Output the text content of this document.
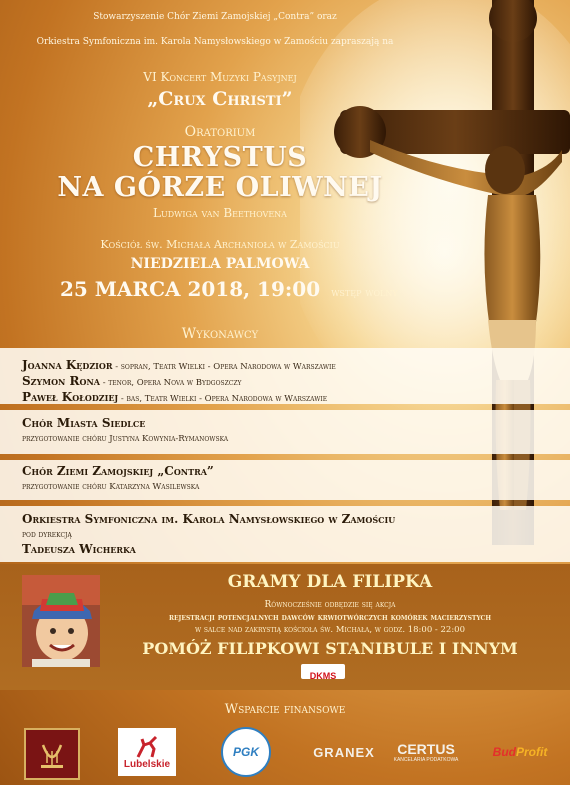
Stowarzyszenie Chór Ziemi Zamojskiej „Contra” oraz
Orkiestra Symfoniczna im. Karola Namysłowskiego w Zamościu zapraszają na
VI Koncert Muzyki Pasyjnej
„Crux Christi”
Oratorium
CHRYSTUS
NA GÓRZE OLIWNEJ
Ludwiga van Beethovena
Kościół św. Michała Archanioła w Zamościu
NIEDZIELA PALMOWA
25 MARCA 2018, 19:00 wstęp wolny
Wykonawcy
Joanna Kędzior - sopran, Teatr Wielki - Opera Narodowa w Warszawie
Szymon Rona - tenor, Opera Nova w Bydgoszczy
Paweł Kołodziej - bas, Teatr Wielki - Opera Narodowa w Warszawie
Chór Miasta Siedlce
przygotowanie chóru Justyna Kowynia-Rymanowska
Chór Ziemi Zamojskiej „Contra”
przygotowanie chóru Katarzyna Wasilewska
Orkiestra Symfoniczna im. Karola Namysłowskiego w Zamościu
pod dyrekcją
Tadeusza Wicherka
GRAMY DLA FILIPKA
Równocześnie odbędzie się akcja
rejestracji potencjalnych dawców krwiotwórczych komórek macierzystych
w salce nad zakrystią kościoła św. Michała, w godz. 18:00 - 22:00
POMÓŻ FILIPKOWI STANIBULE I INNYM
DKMS
Wsparcie finansowe
Lubelskie
PGK	GRANEX CERTUS
KANCELARIA PODATKOWA
Bud Profit
